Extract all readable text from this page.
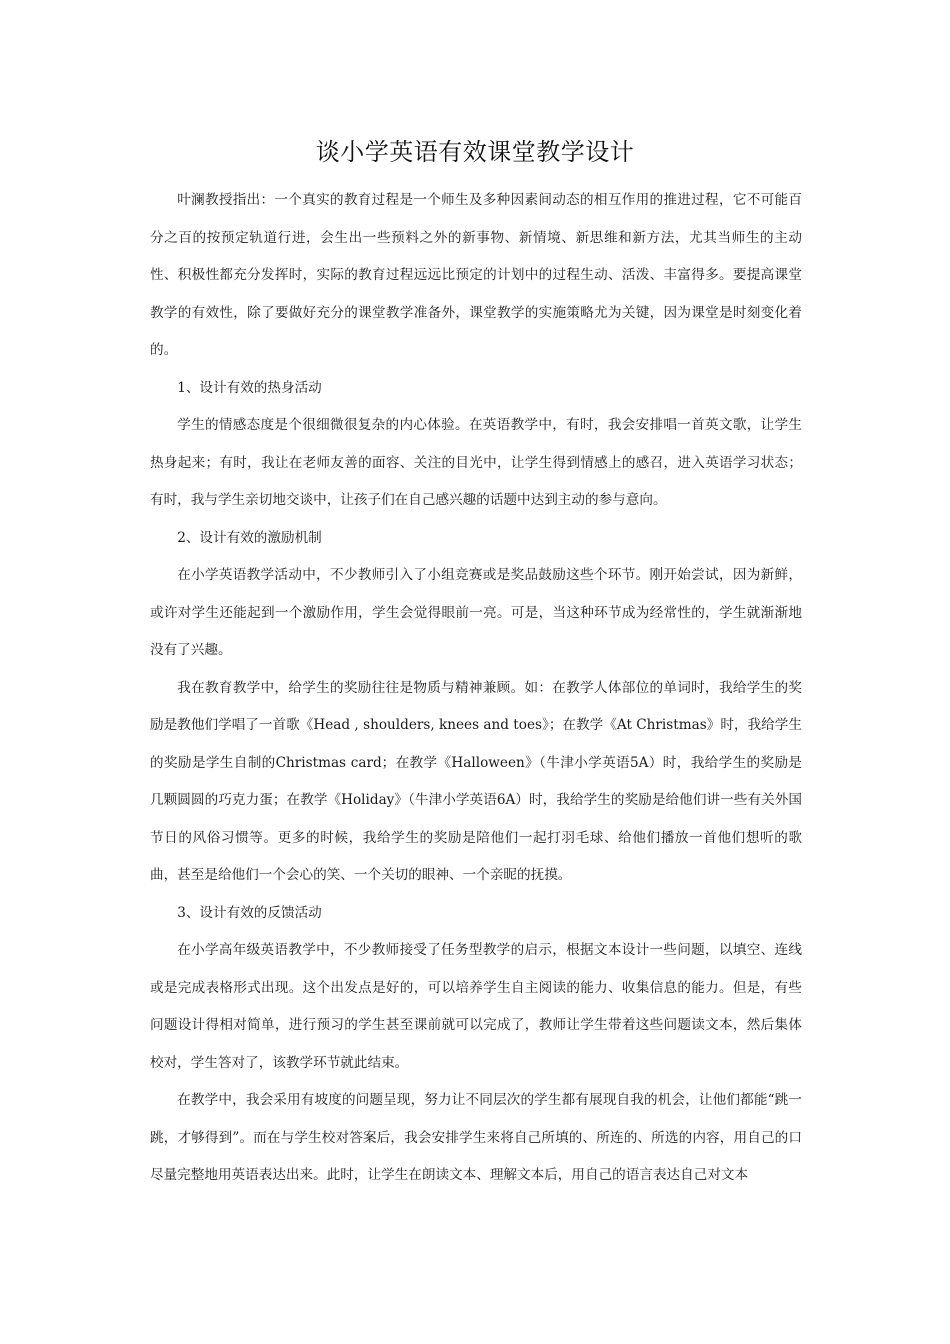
谈小学英语有效课堂教学设计

叶澜教授指出：一个真实的教育过程是一个师生及多种因素间动态的相互作用的推进过程，它不可能百分之百的按预定轨道行进，会生出一些预料之外的新事物、新情境、新思维和新方法，尤其当师生的主动性、积极性都充分发挥时，实际的教育过程远远比预定的计划中的过程生动、活泼、丰富得多。要提高课堂教学的有效性，除了要做好充分的课堂教学准备外，课堂教学的实施策略尤为关键，因为课堂是时刻变化着的。

1、设计有效的热身活动

学生的情感态度是个很细微很复杂的内心体验。在英语教学中，有时，我会安排唱一首英文歌，让学生热身起来；有时，我让在老师友善的面容、关注的目光中，让学生得到情感上的感召，进入英语学习状态；有时，我与学生亲切地交谈中，让孩子们在自己感兴趣的话题中达到主动的参与意向。

2、设计有效的激励机制

在小学英语教学活动中，不少教师引入了小组竞赛或是奖品鼓励这些个环节。刚开始尝试，因为新鲜，或许对学生还能起到一个激励作用，学生会觉得眼前一亮。可是，当这种环节成为经常性的，学生就渐渐地没有了兴趣。

我在教育教学中，给学生的奖励往往是物质与精神兼顾。如：在教学人体部位的单词时，我给学生的奖励是教他们学唱了一首歌《Head , shoulders, knees and toes》；在教学《At Christmas》时，我给学生的奖励是学生自制的Christmas card；在教学《Halloween》（牛津小学英语5A）时，我给学生的奖励是几颗圆圆的巧克力蛋；在教学《Holiday》（牛津小学英语6A）时，我给学生的奖励是给他们讲一些有关外国节日的风俗习惯等。更多的时候，我给学生的奖励是陪他们一起打羽毛球、给他们播放一首他们想听的歌曲，甚至是给他们一个会心的笑、一个关切的眼神、一个亲昵的抚摸。

3、设计有效的反馈活动

在小学高年级英语教学中，不少教师接受了任务型教学的启示，根据文本设计一些问题，以填空、连线或是完成表格形式出现。这个出发点是好的，可以培养学生自主阅读的能力、收集信息的能力。但是，有些问题设计得相对简单，进行预习的学生甚至课前就可以完成了，教师让学生带着这些问题读文本，然后集体校对，学生答对了，该教学环节就此结束。

在教学中，我会采用有坡度的问题呈现，努力让不同层次的学生都有展现自我的机会，让他们都能“跳一跳，才够得到”。而在与学生校对答案后，我会安排学生来将自己所填的、所连的、所选的内容，用自己的口尽量完整地用英语表达出来。此时，让学生在朗读文本、理解文本后，用自己的语言表达自己对文本
